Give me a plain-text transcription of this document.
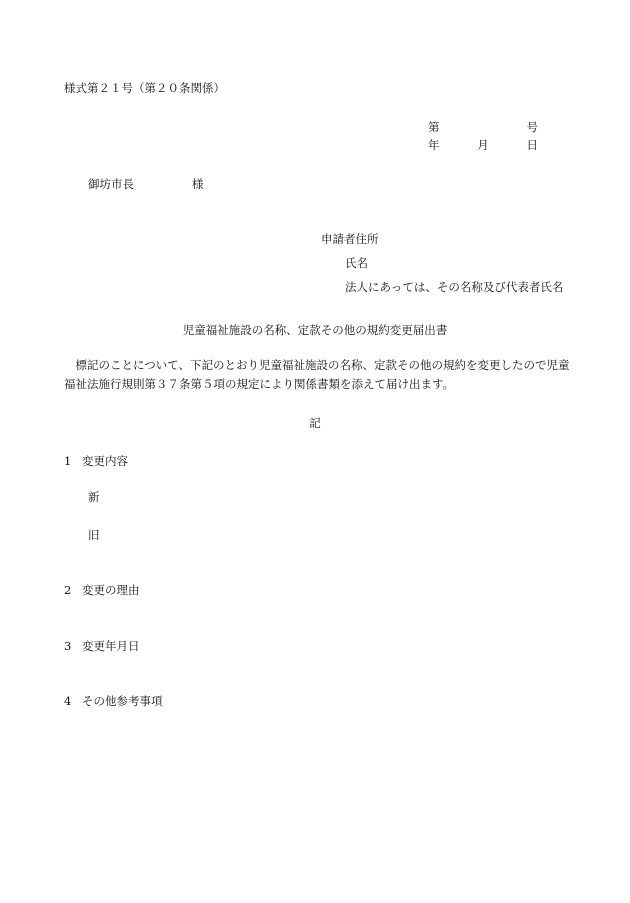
様式第２１号（第２０条関係）
第	号
年	月	日
御坊市長	様
申請者住所
氏名
法人にあっては、その名称及び代表者氏名
児童福祉施設の名称、定款その他の規約変更届出書
標記のことについて、下記のとおり児童福祉施設の名称、定款その他の規約を変更したので児童福祉法施行規則第３７条第５項の規定により関係書類を添えて届け出ます。
記
1 変更内容
新
旧
2 変更の理由
3 変更年月日
4 その他参考事項
